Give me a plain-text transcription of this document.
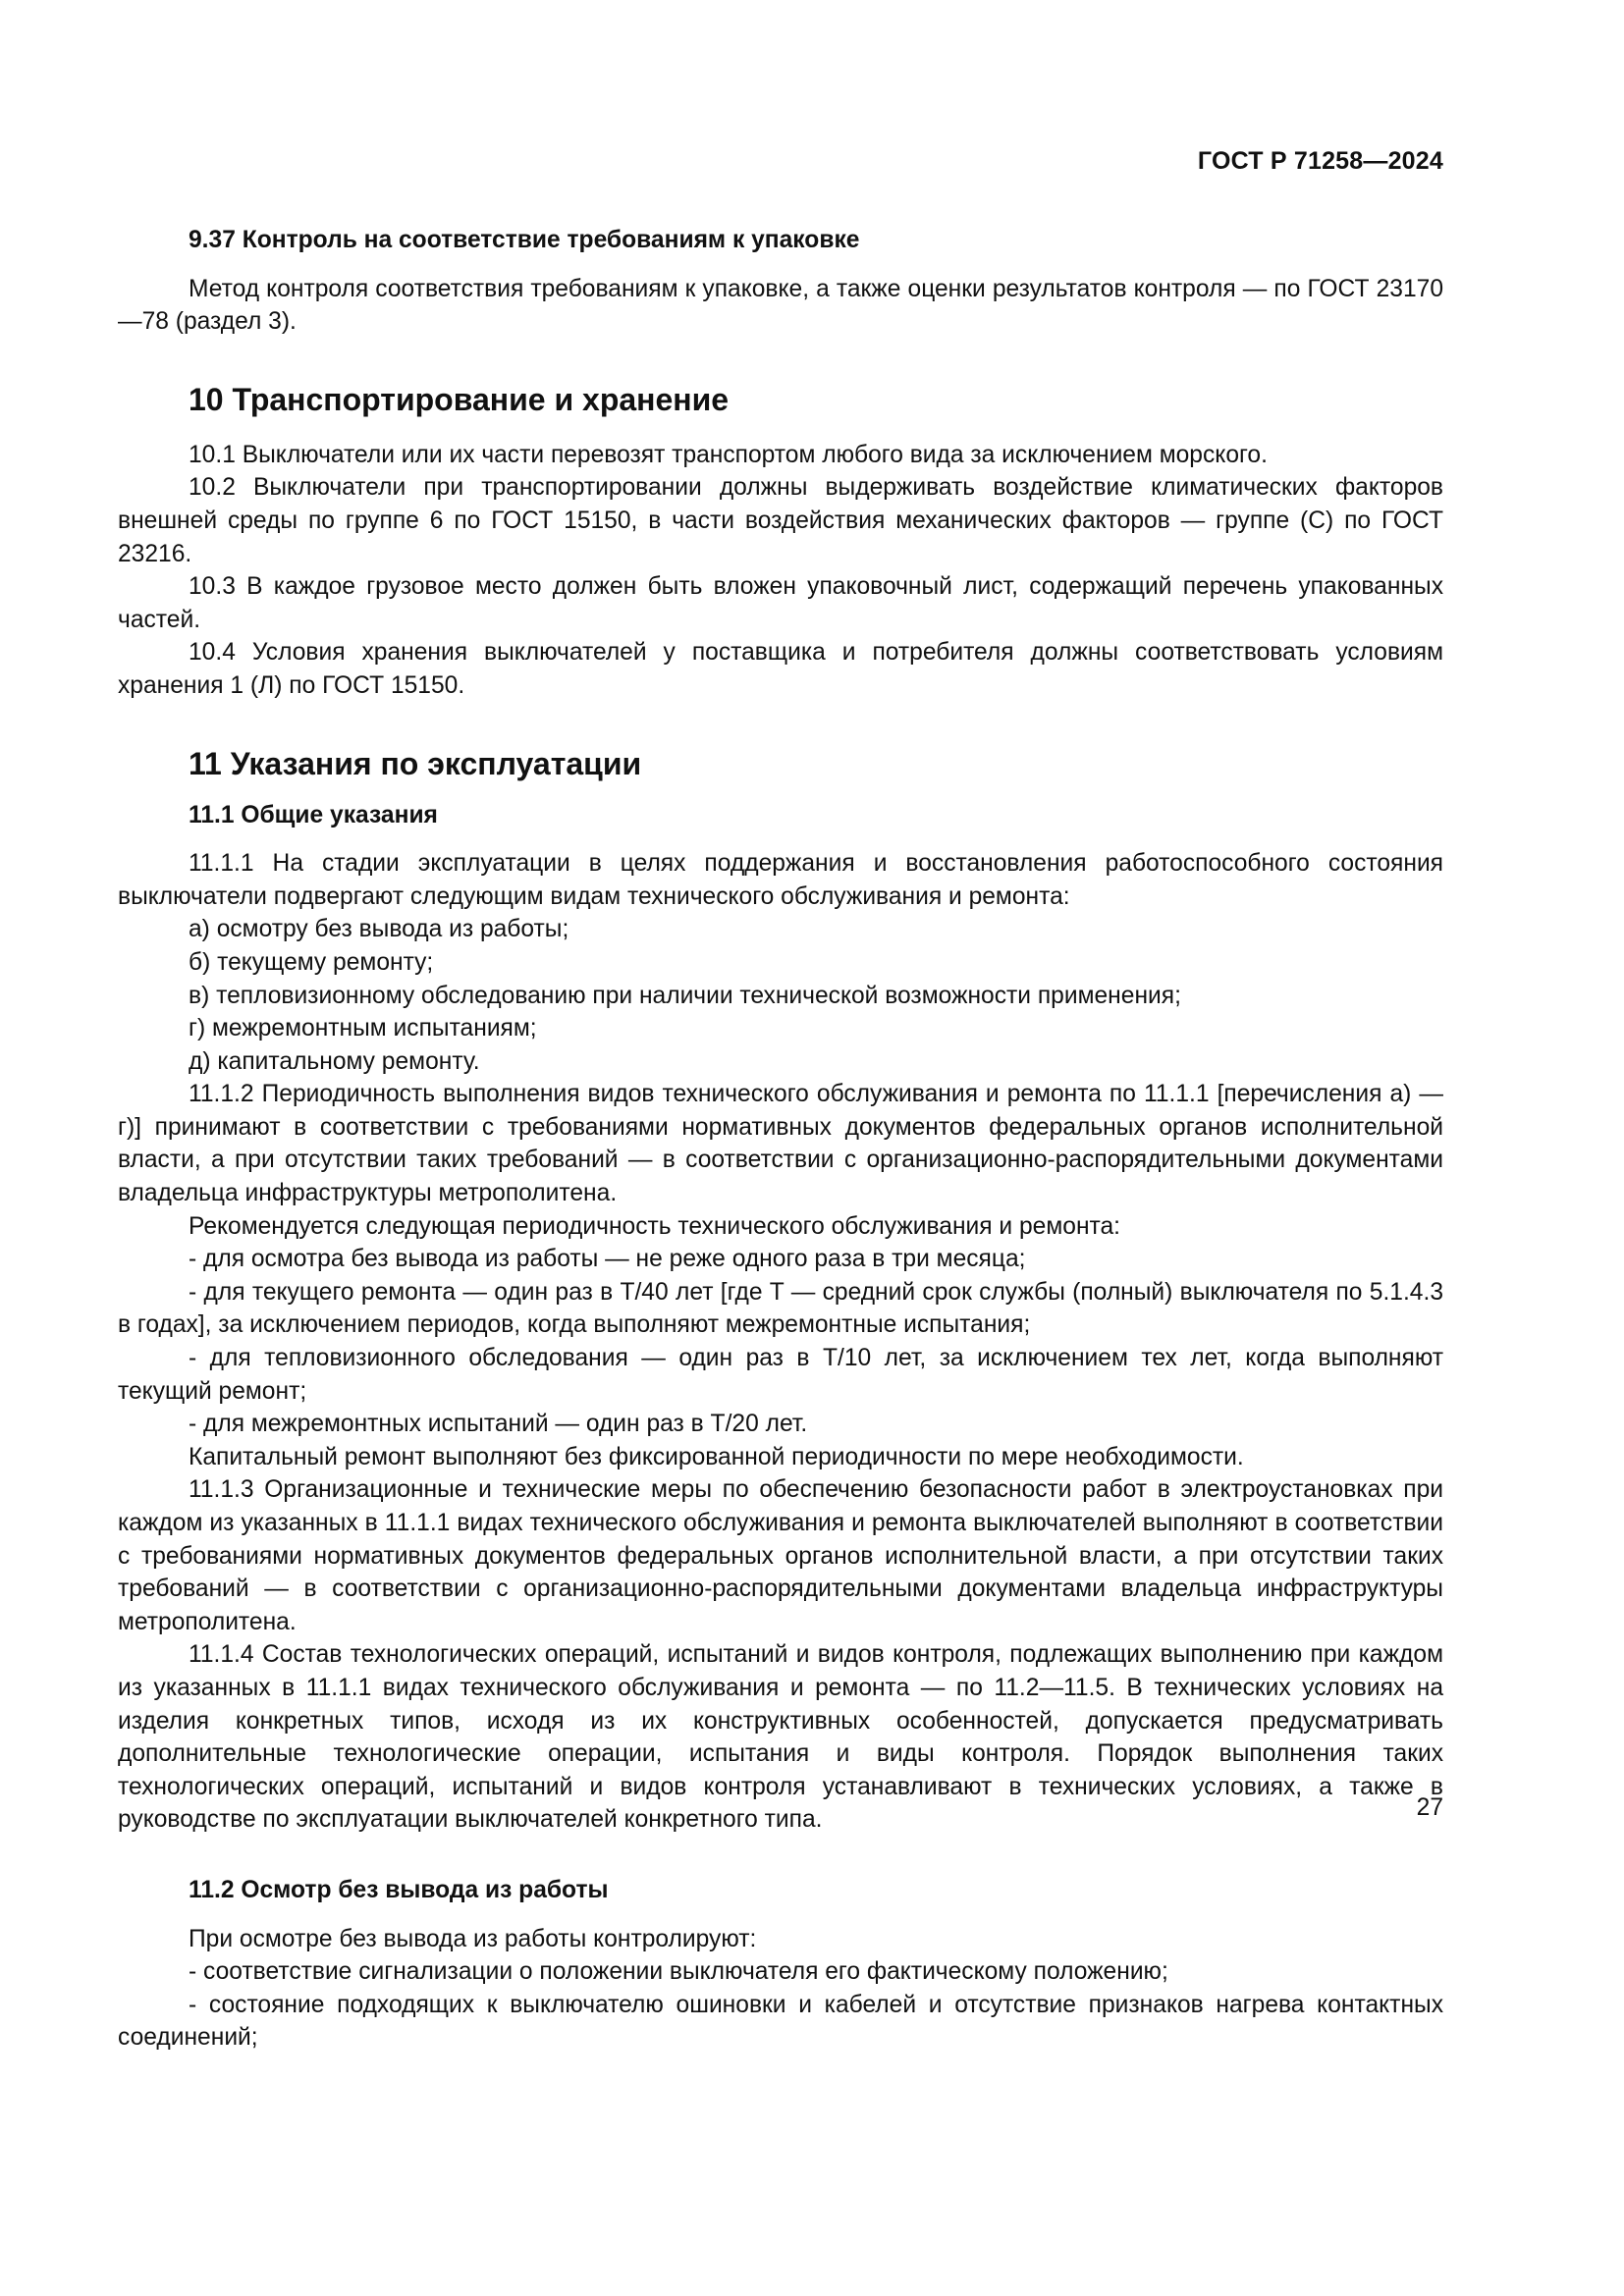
ГОСТ Р 71258—2024

9.37 Контроль на соответствие требованиям к упаковке

Метод контроля соответствия требованиям к упаковке, а также оценки результатов контроля — по ГОСТ 23170—78 (раздел 3).

10 Транспортирование и хранение

10.1 Выключатели или их части перевозят транспортом любого вида за исключением морского.

10.2 Выключатели при транспортировании должны выдерживать воздействие климатических факторов внешней среды по группе 6 по ГОСТ 15150, в части воздействия механических факторов — группе (С) по ГОСТ 23216.

10.3 В каждое грузовое место должен быть вложен упаковочный лист, содержащий перечень упакованных частей.

10.4 Условия хранения выключателей у поставщика и потребителя должны соответствовать условиям хранения 1 (Л) по ГОСТ 15150.

11 Указания по эксплуатации

11.1 Общие указания

11.1.1 На стадии эксплуатации в целях поддержания и восстановления работоспособного состояния выключатели подвергают следующим видам технического обслуживания и ремонта:

а) осмотру без вывода из работы;

б) текущему ремонту;

в) тепловизионному обследованию при наличии технической возможности применения;

г) межремонтным испытаниям;

д) капитальному ремонту.

11.1.2 Периодичность выполнения видов технического обслуживания и ремонта по 11.1.1 [перечисления а) — г)] принимают в соответствии с требованиями нормативных документов федеральных органов исполнительной власти, а при отсутствии таких требований — в соответствии с организационно-распорядительными документами владельца инфраструктуры метрополитена.

Рекомендуется следующая периодичность технического обслуживания и ремонта:

- для осмотра без вывода из работы — не реже одного раза в три месяца;

- для текущего ремонта — один раз в T/40 лет [где T — средний срок службы (полный) выключателя по 5.1.4.3 в годах], за исключением периодов, когда выполняют межремонтные испытания;

- для тепловизионного обследования — один раз в T/10 лет, за исключением тех лет, когда выполняют текущий ремонт;

- для межремонтных испытаний — один раз в T/20 лет.

Капитальный ремонт выполняют без фиксированной периодичности по мере необходимости.

11.1.3 Организационные и технические меры по обеспечению безопасности работ в электроустановках при каждом из указанных в 11.1.1 видах технического обслуживания и ремонта выключателей выполняют в соответствии с требованиями нормативных документов федеральных органов исполнительной власти, а при отсутствии таких требований — в соответствии с организационно-распорядительными документами владельца инфраструктуры метрополитена.

11.1.4 Состав технологических операций, испытаний и видов контроля, подлежащих выполнению при каждом из указанных в 11.1.1 видах технического обслуживания и ремонта — по 11.2—11.5. В технических условиях на изделия конкретных типов, исходя из их конструктивных особенностей, допускается предусматривать дополнительные технологические операции, испытания и виды контроля. Порядок выполнения таких технологических операций, испытаний и видов контроля устанавливают в технических условиях, а также в руководстве по эксплуатации выключателей конкретного типа.

11.2 Осмотр без вывода из работы

При осмотре без вывода из работы контролируют:

- соответствие сигнализации о положении выключателя его фактическому положению;

- состояние подходящих к выключателю ошиновки и кабелей и отсутствие признаков нагрева контактных соединений;

27
